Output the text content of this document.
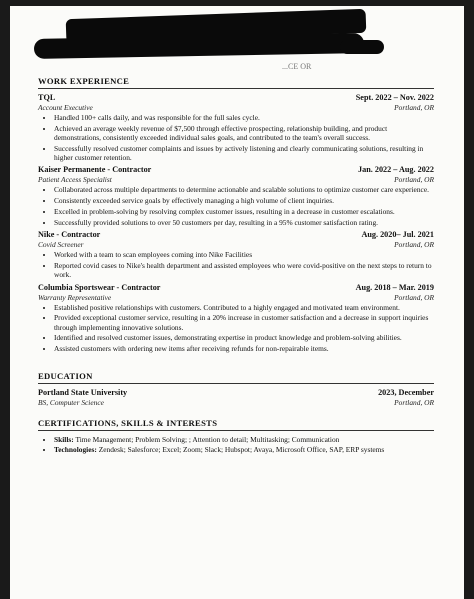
...CE OR
WORK EXPERIENCE
TQL	Sept. 2022 – Nov. 2022
Account Executive	Portland, OR
• Handled 100+ calls daily, and was responsible for the full sales cycle.
• Achieved an average weekly revenue of $7,500 through effective prospecting, relationship building, and product demonstrations, consistently exceeded individual sales goals, and contributed to the team's overall success.
• Successfully resolved customer complaints and issues by actively listening and clearly communicating solutions, resulting in higher customer retention.
Kaiser Permanente - Contractor	Jan. 2022 – Aug. 2022
Patient Access Specialist	Portland, OR
• Collaborated across multiple departments to determine actionable and scalable solutions to optimize customer care experience.
• Consistently exceeded service goals by effectively managing a high volume of client inquiries.
• Excelled in problem-solving by resolving complex customer issues, resulting in a decrease in customer escalations.
• Successfully provided solutions to over 50 customers per day, resulting in a 95% customer satisfaction rating.
Nike - Contractor	Aug. 2020– Jul. 2021
Covid Screener	Portland, OR
• Worked with a team to scan employees coming into Nike Facilities
• Reported covid cases to Nike's health department and assisted employees who were covid-positive on the next steps to return to work.
Columbia Sportswear - Contractor	Aug. 2018 – Mar. 2019
Warranty Representative	Portland, OR
• Established positive relationships with customers. Contributed to a highly engaged and motivated team environment.
• Provided exceptional customer service, resulting in a 20% increase in customer satisfaction and a decrease in support inquiries through implementing innovative solutions.
• Identified and resolved customer issues, demonstrating expertise in product knowledge and problem-solving abilities.
• Assisted customers with ordering new items after receiving refunds for non-repairable items.
EDUCATION
Portland State University	2023, December
BS, Computer Science	Portland, OR
CERTIFICATIONS, SKILLS & INTERESTS
• Skills: Time Management; Problem Solving; ; Attention to detail; Multitasking; Communication
• Technologies: Zendesk; Salesforce; Excel; Zoom; Slack; Hubspot; Avaya, Microsoft Office, SAP, ERP systems
